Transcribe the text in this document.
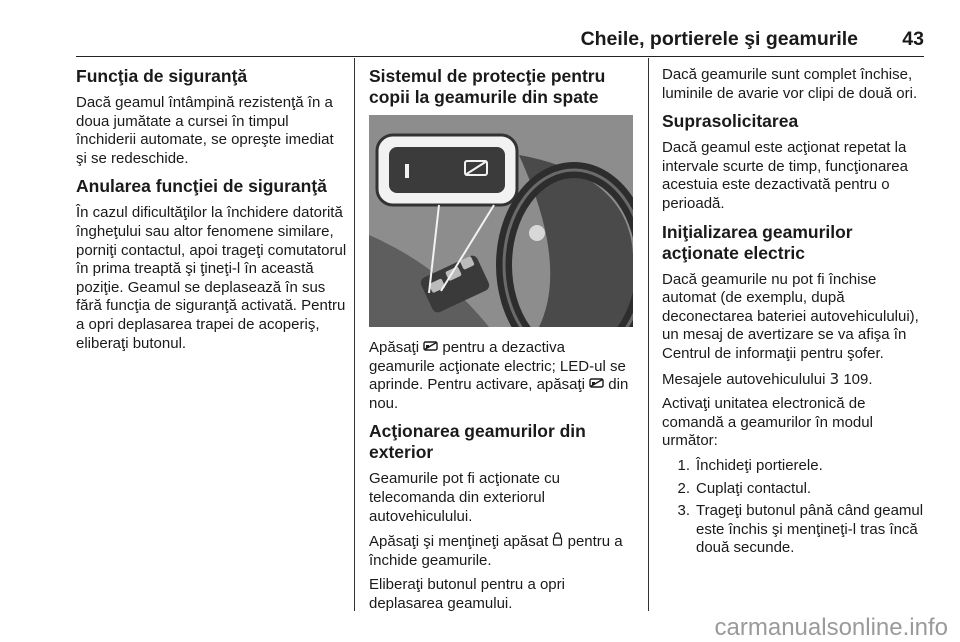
Cheile, portierele şi geamurile 43
Funcţia de siguranţă

Dacă geamul întâmpină rezistenţă în a doua jumătate a cursei în timpul închiderii automate, se opreşte imediat şi se redeschide.

Anularea funcţiei de siguranţă

În cazul dificultăţilor la închidere datorită îngheţului sau altor fenomene similare, porniţi contactul, apoi trageţi comutatorul în prima treaptă şi ţineţi-l în această poziţie. Geamul se deplasează în sus fără funcţia de siguranţă activată. Pentru a opri deplasarea trapei de acoperiş, eliberaţi butonul.

Sistemul de protecţie pentru copii la geamurile din spate

Apăsaţi  pentru a dezactiva geamurile acţionate electric; LED-ul se aprinde. Pentru activare, apăsaţi  din nou.

Acţionarea geamurilor din exterior

Geamurile pot fi acţionate cu telecomanda din exteriorul autovehiculului.

Apăsaţi şi menţineţi apăsat  pentru a închide geamurile.

Eliberaţi butonul pentru a opri deplasarea geamului.

Dacă geamurile sunt complet închise, luminile de avarie vor clipi de două ori.

Suprasolicitarea

Dacă geamul este acţionat repetat la intervale scurte de timp, funcţionarea acestuia este dezactivată pentru o perioadă.

Iniţializarea geamurilor acţionate electric

Dacă geamurile nu pot fi închise automat (de exemplu, după deconectarea bateriei autovehiculului), un mesaj de avertizare se va afişa în Centrul de informaţii pentru şofer.

Mesajele autovehiculului 3 109.

Activaţi unitatea electronică de comandă a geamurilor în modul următor:

1. Închideţi portierele.
2. Cuplaţi contactul.
3. Trageţi butonul până când geamul este închis şi menţineţi-l tras încă două secunde.
carmanualsonline.info
